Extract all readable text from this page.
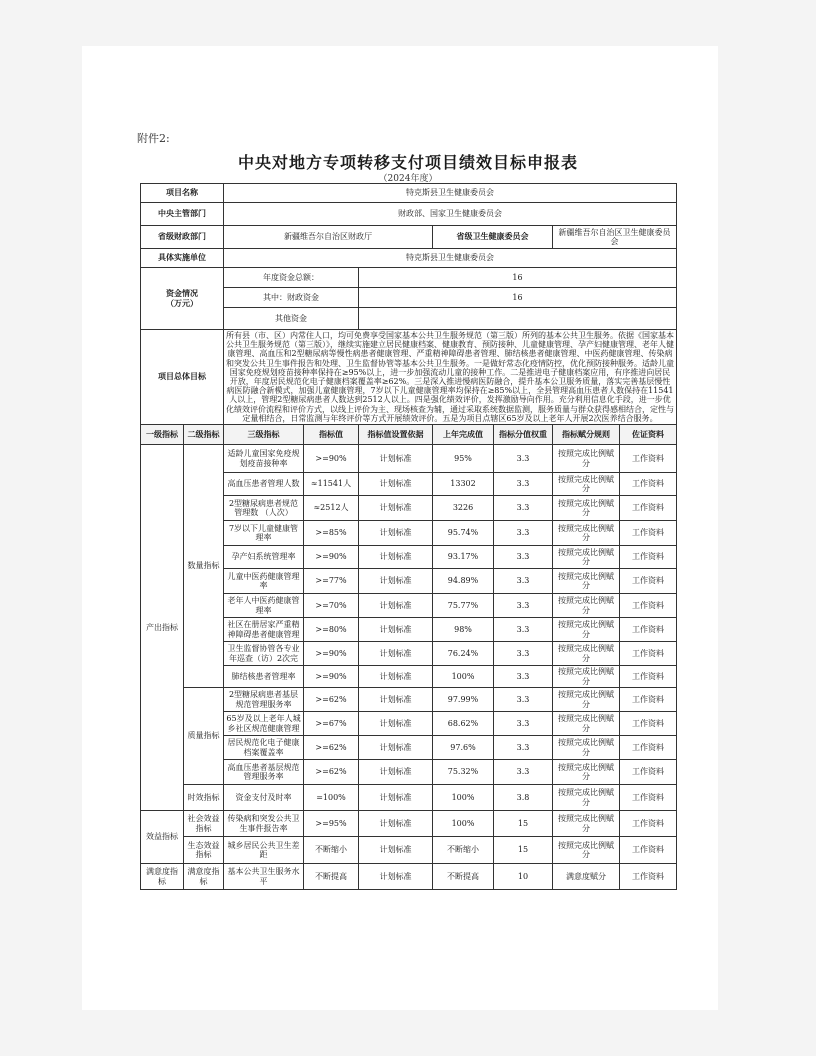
附件2:
中央对地方专项转移支付项目绩效目标申报表
（2024年度）
项目名称		特克斯县卫生健康委员会						
中央主管部门		财政部、国家卫生健康委员会						
省级财政部门		新疆维吾尔自治区财政厅			省级卫生健康委员会		新疆维吾尔自治区卫生健康委员会	
具体实施单位		特克斯县卫生健康委员会						
资金情况
（万元）		年度资金总额：		16				
		其中：财政资金		16				
		其他资金						
项目总体目标		所有县（市、区）内常住人口，均可免费享受国家基本公共卫生服务规范（第三版）所列的基本公共卫生服务。依据《国家基本公共卫生服务规范（第三版）》，继续实施建立居民健康档案、健康教育、预防接种、儿童健康管理、孕产妇健康管理、老年人健康管理、高血压和2型糖尿病等慢性病患者健康管理、严重精神障碍患者管理、肺结核患者健康管理、中医药健康管理、传染病和突发公共卫生事件报告和处理、卫生监督协管等基本公共卫生服务。一是做好常态化疫情防控，优化预防接种服务。适龄儿童国家免疫规划疫苗接种率保持在≥95%以上，进一步加强流动儿童的接种工作。二是推进电子健康档案应用，有序推进向居民开放，年度居民规范化电子健康档案覆盖率≥62%。三是深入推进慢病医防融合，提升基本公卫服务质量，落实完善基层慢性病医防融合新模式，加强儿童健康管理，7岁以下儿童健康管理率均保持在≥85%以上，全县管理高血压患者人数保持在11541人以上，管理2型糖尿病患者人数达到2512人以上。四是强化绩效评价，发挥激励导向作用。充分利用信息化手段，进一步优化绩效评价流程和评价方式，以线上评价为主、现场核查为辅，通过采取系统数据监测，服务质量与群众获得感相结合，定性与定量相结合，日常监测与年终评价等方式开展绩效评价。五是为项目点辖区65岁及以上老年人开展2次医养结合服务。						
一级指标	二级指标	三级指标	指标值	指标值设置依据	上年完成值	指标分值权重	指标赋分规则	佐证资料
产出指标	数量指标	适龄儿童国家免疫规划疫苗接种率	>=90%	计划标准	95%	3.3	按照完成比例赋分	工作资料
		高血压患者管理人数	≈11541人	计划标准	13302	3.3	按照完成比例赋分	工作资料
		2型糖尿病患者规范管理数 （人次）	≈2512人	计划标准	3226	3.3	按照完成比例赋分	工作资料
		7岁以下儿童健康管理率	>=85%	计划标准	95.74%	3.3	按照完成比例赋分	工作资料
		孕产妇系统管理率	>=90%	计划标准	93.17%	3.3	按照完成比例赋分	工作资料
		儿童中医药健康管理率	>=77%	计划标准	94.89%	3.3	按照完成比例赋分	工作资料
		老年人中医药健康管理率	>=70%	计划标准	75.77%	3.3	按照完成比例赋分	工作资料
		社区在册居家严重精神障碍患者健康管理	>=80%	计划标准	98%	3.3	按照完成比例赋分	工作资料
		卫生监督协管各专业年巡查（访）2次完	>=90%	计划标准	76.24%	3.3	按照完成比例赋分	工作资料
		肺结核患者管理率	>=90%	计划标准	100%	3.3	按照完成比例赋分	工作资料
	质量指标	2型糖尿病患者基层规范管理服务率	>=62%	计划标准	97.99%	3.3	按照完成比例赋分	工作资料
		65岁及以上老年人城乡社区规范健康管理	>=67%	计划标准	68.62%	3.3	按照完成比例赋分	工作资料
		居民规范化电子健康档案覆盖率	>=62%	计划标准	97.6%	3.3	按照完成比例赋分	工作资料
		高血压患者基层规范管理服务率	>=62%	计划标准	75.32%	3.3	按照完成比例赋分	工作资料
	时效指标	资金支付及时率	=100%	计划标准	100%	3.8	按照完成比例赋分	工作资料
效益指标	社会效益指标	传染病和突发公共卫生事件报告率	>=95%	计划标准	100%	15	按照完成比例赋分	工作资料
	生态效益指标	城乡居民公共卫生差距	不断缩小	计划标准	不断缩小	15	按照完成比例赋分	工作资料
满意度指标	满意度指标	基本公共卫生服务水平	不断提高	计划标准	不断提高	10	满意度赋分	工作资料
